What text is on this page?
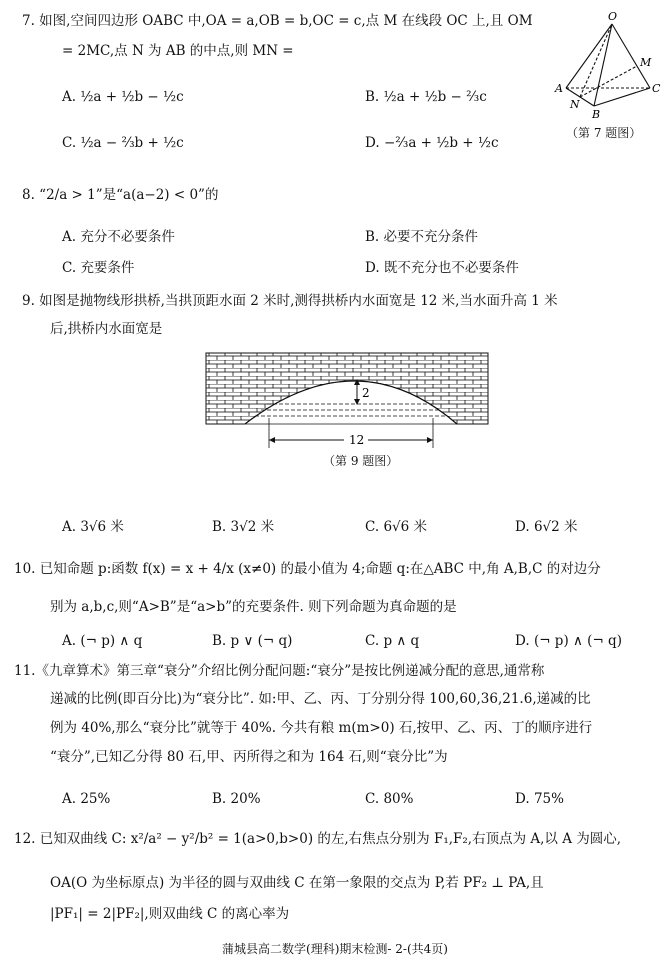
7. 如图,空间四边形 OABC 中,OA = a,OB = b,OC = c,点 M 在线段 OC 上,且 OM
= 2MC,点 N 为 AB 的中点,则 MN =
A. ½a + ½b − ½c	B. ½a + ½b − ⅔c
C. ½a − ⅔b + ½c	D. −⅔a + ½b + ½c
O
M
A	C
N
B
（第 7 题图）
8. “2/a > 1”是“a(a−2) < 0”的
A. 充分不必要条件	B. 必要不充分条件
C. 充要条件	D. 既不充分也不必要条件
9. 如图是抛物线形拱桥,当拱顶距水面 2 米时,测得拱桥内水面宽是 12 米,当水面升高 1 米
后,拱桥内水面宽是
2
12
（第 9 题图）
A. 3√6 米	B. 3√2 米	C. 6√6 米	D. 6√2 米
10. 已知命题 p:函数 f(x) = x + 4/x (x≠0) 的最小值为 4;命题 q:在△ABC 中,角 A,B,C 的对边分
别为 a,b,c,则“A>B”是“a>b”的充要条件. 则下列命题为真命题的是
A. (¬ p) ∧ q	B. p ∨ (¬ q)	C. p ∧ q	D. (¬ p) ∧ (¬ q)
11.《九章算术》第三章“衰分”介绍比例分配问题:“衰分”是按比例递减分配的意思,通常称
递减的比例(即百分比)为“衰分比”. 如:甲、乙、丙、丁分别分得 100,60,36,21.6,递减的比
例为 40%,那么“衰分比”就等于 40%. 今共有粮 m(m>0) 石,按甲、乙、丙、丁的顺序进行
“衰分”,已知乙分得 80 石,甲、丙所得之和为 164 石,则“衰分比”为
A. 25%	B. 20%	C. 80%	D. 75%
12. 已知双曲线 C: x²/a² − y²/b² = 1(a>0,b>0) 的左,右焦点分别为 F₁,F₂,右顶点为 A,以 A 为圆心,
OA(O 为坐标原点) 为半径的圆与双曲线 C 在第一象限的交点为 P,若 PF₂ ⊥ PA,且
|PF₁| = 2|PF₂|,则双曲线 C 的离心率为
蒲城县高二数学(理科)期末检测- 2-(共4页)
